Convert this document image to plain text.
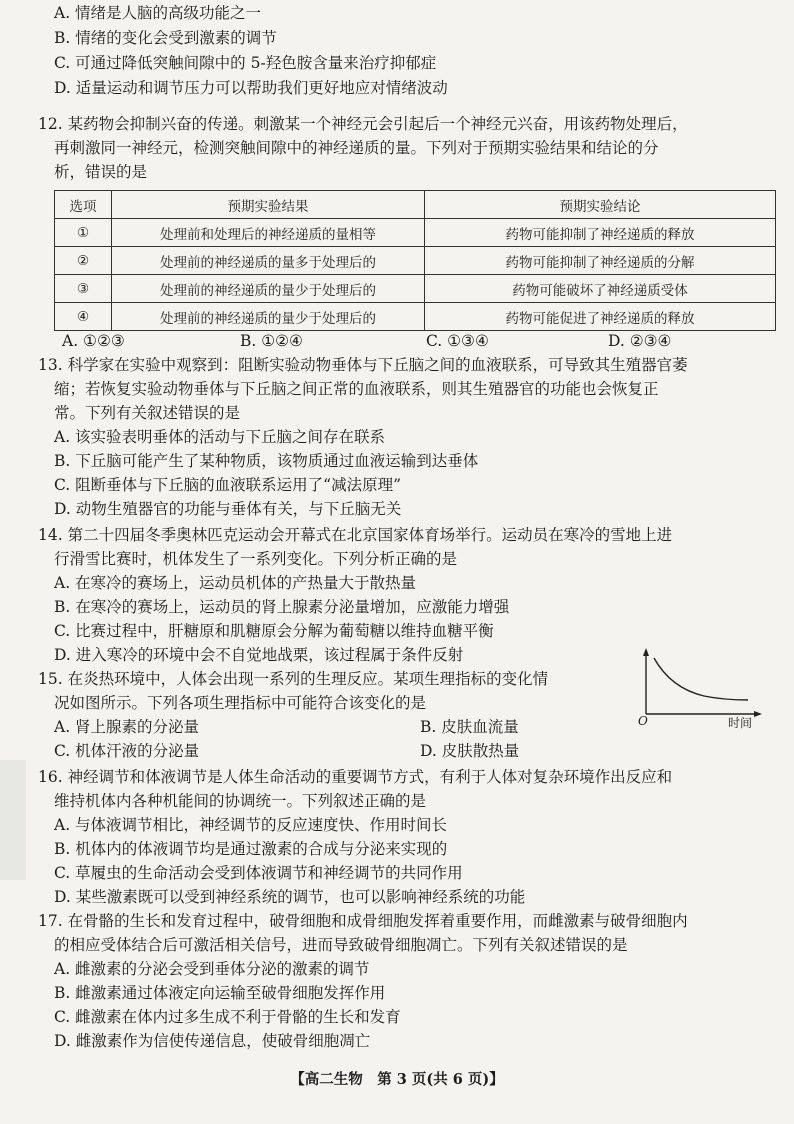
A. 情绪是人脑的高级功能之一
B. 情绪的变化会受到激素的调节
C. 可通过降低突触间隙中的 5-羟色胺含量来治疗抑郁症
D. 适量运动和调节压力可以帮助我们更好地应对情绪波动
12. 某药物会抑制兴奋的传递。刺激某一个神经元会引起后一个神经元兴奋，用该药物处理后，
再刺激同一神经元，检测突触间隙中的神经递质的量。下列对于预期实验结果和结论的分
析，错误的是
选项	预期实验结果	预期实验结论
①	处理前和处理后的神经递质的量相等	药物可能抑制了神经递质的释放
②	处理前的神经递质的量多于处理后的	药物可能抑制了神经递质的分解
③	处理前的神经递质的量少于处理后的	药物可能破坏了神经递质受体
④	处理前的神经递质的量少于处理后的	药物可能促进了神经递质的释放
A. ①②③	B. ①②④	C. ①③④	D. ②③④
13. 科学家在实验中观察到：阻断实验动物垂体与下丘脑之间的血液联系，可导致其生殖器官萎
缩；若恢复实验动物垂体与下丘脑之间正常的血液联系，则其生殖器官的功能也会恢复正
常。下列有关叙述错误的是
A. 该实验表明垂体的活动与下丘脑之间存在联系
B. 下丘脑可能产生了某种物质，该物质通过血液运输到达垂体
C. 阻断垂体与下丘脑的血液联系运用了“减法原理”
D. 动物生殖器官的功能与垂体有关，与下丘脑无关
14. 第二十四届冬季奥林匹克运动会开幕式在北京国家体育场举行。运动员在寒冷的雪地上进
行滑雪比赛时，机体发生了一系列变化。下列分析正确的是
A. 在寒冷的赛场上，运动员机体的产热量大于散热量
B. 在寒冷的赛场上，运动员的肾上腺素分泌量增加，应激能力增强
C. 比赛过程中，肝糖原和肌糖原会分解为葡萄糖以维持血糖平衡
D. 进入寒冷的环境中会不自觉地战栗，该过程属于条件反射
15. 在炎热环境中，人体会出现一系列的生理反应。某项生理指标的变化情
况如图所示。下列各项生理指标中可能符合该变化的是
A. 肾上腺素的分泌量	B. 皮肤血流量
C. 机体汗液的分泌量	D. 皮肤散热量
O	时间
16. 神经调节和体液调节是人体生命活动的重要调节方式，有利于人体对复杂环境作出反应和
维持机体内各种机能间的协调统一。下列叙述正确的是
A. 与体液调节相比，神经调节的反应速度快、作用时间长
B. 机体内的体液调节均是通过激素的合成与分泌来实现的
C. 草履虫的生命活动会受到体液调节和神经调节的共同作用
D. 某些激素既可以受到神经系统的调节，也可以影响神经系统的功能
17. 在骨骼的生长和发育过程中，破骨细胞和成骨细胞发挥着重要作用，而雌激素与破骨细胞内
的相应受体结合后可激活相关信号，进而导致破骨细胞凋亡。下列有关叙述错误的是
A. 雌激素的分泌会受到垂体分泌的激素的调节
B. 雌激素通过体液定向运输至破骨细胞发挥作用
C. 雌激素在体内过多生成不利于骨骼的生长和发育
D. 雌激素作为信使传递信息，使破骨细胞凋亡
【高二生物　第 3 页(共 6 页)】
